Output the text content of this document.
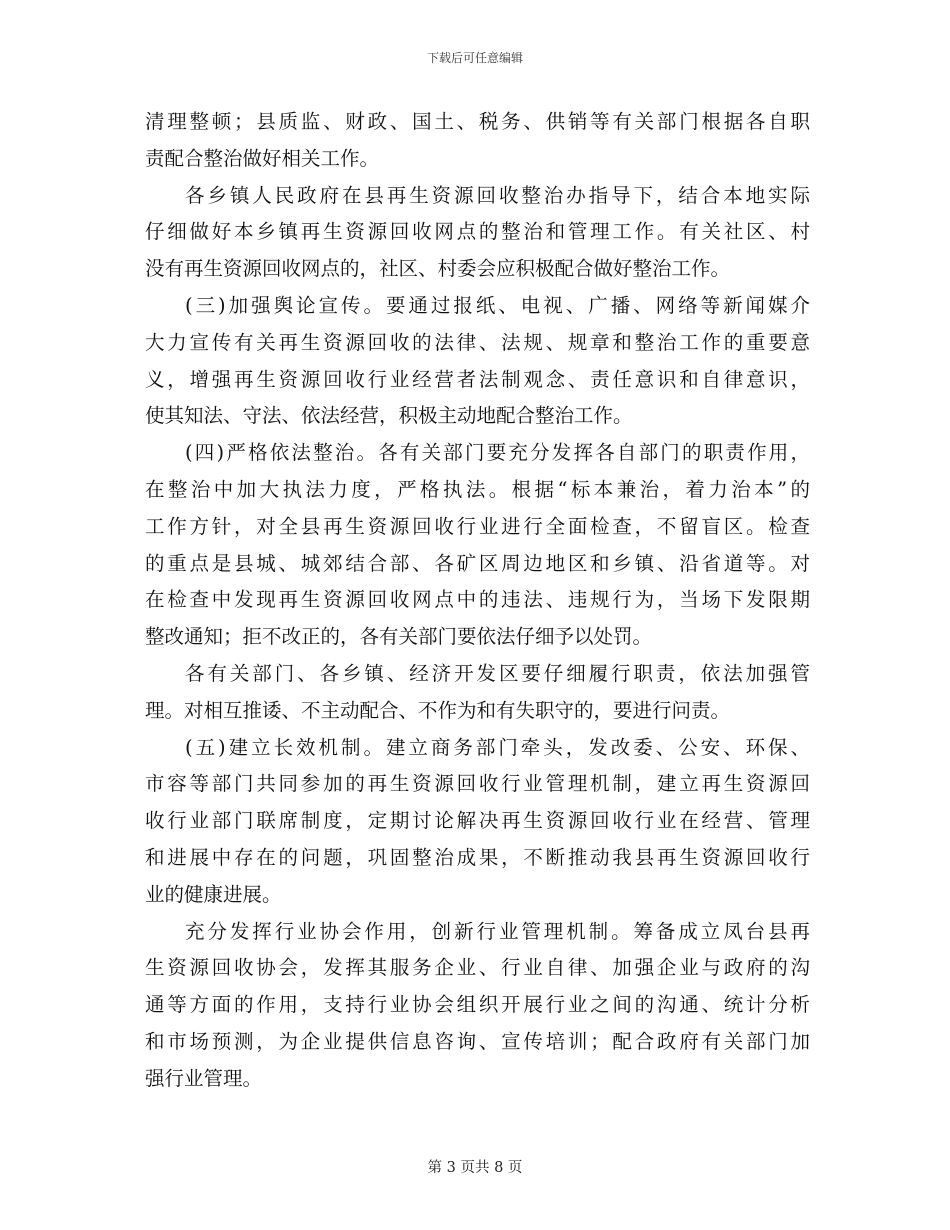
下载后可任意编辑
清理整顿；县质监、财政、国土、税务、供销等有关部门根据各自职
责配合整治做好相关工作。
各乡镇人民政府在县再生资源回收整治办指导下，结合本地实际
仔细做好本乡镇再生资源回收网点的整治和管理工作。有关社区、村
没有再生资源回收网点的，社区、村委会应积极配合做好整治工作。
(三)加强舆论宣传。要通过报纸、电视、广播、网络等新闻媒介
大力宣传有关再生资源回收的法律、法规、规章和整治工作的重要意
义，增强再生资源回收行业经营者法制观念、责任意识和自律意识，
使其知法、守法、依法经营，积极主动地配合整治工作。
(四)严格依法整治。各有关部门要充分发挥各自部门的职责作用，
在整治中加大执法力度，严格执法。根据“标本兼治，着力治本”的
工作方针，对全县再生资源回收行业进行全面检查，不留盲区。检查
的重点是县城、城郊结合部、各矿区周边地区和乡镇、沿省道等。对
在检查中发现再生资源回收网点中的违法、违规行为，当场下发限期
整改通知；拒不改正的，各有关部门要依法仔细予以处罚。
各有关部门、各乡镇、经济开发区要仔细履行职责，依法加强管
理。对相互推诿、不主动配合、不作为和有失职守的，要进行问责。
(五)建立长效机制。建立商务部门牵头，发改委、公安、环保、
市容等部门共同参加的再生资源回收行业管理机制，建立再生资源回
收行业部门联席制度，定期讨论解决再生资源回收行业在经营、管理
和进展中存在的问题，巩固整治成果，不断推动我县再生资源回收行
业的健康进展。
充分发挥行业协会作用，创新行业管理机制。筹备成立凤台县再
生资源回收协会，发挥其服务企业、行业自律、加强企业与政府的沟
通等方面的作用，支持行业协会组织开展行业之间的沟通、统计分析
和市场预测，为企业提供信息咨询、宣传培训；配合政府有关部门加
强行业管理。
第 3 页共 8 页
